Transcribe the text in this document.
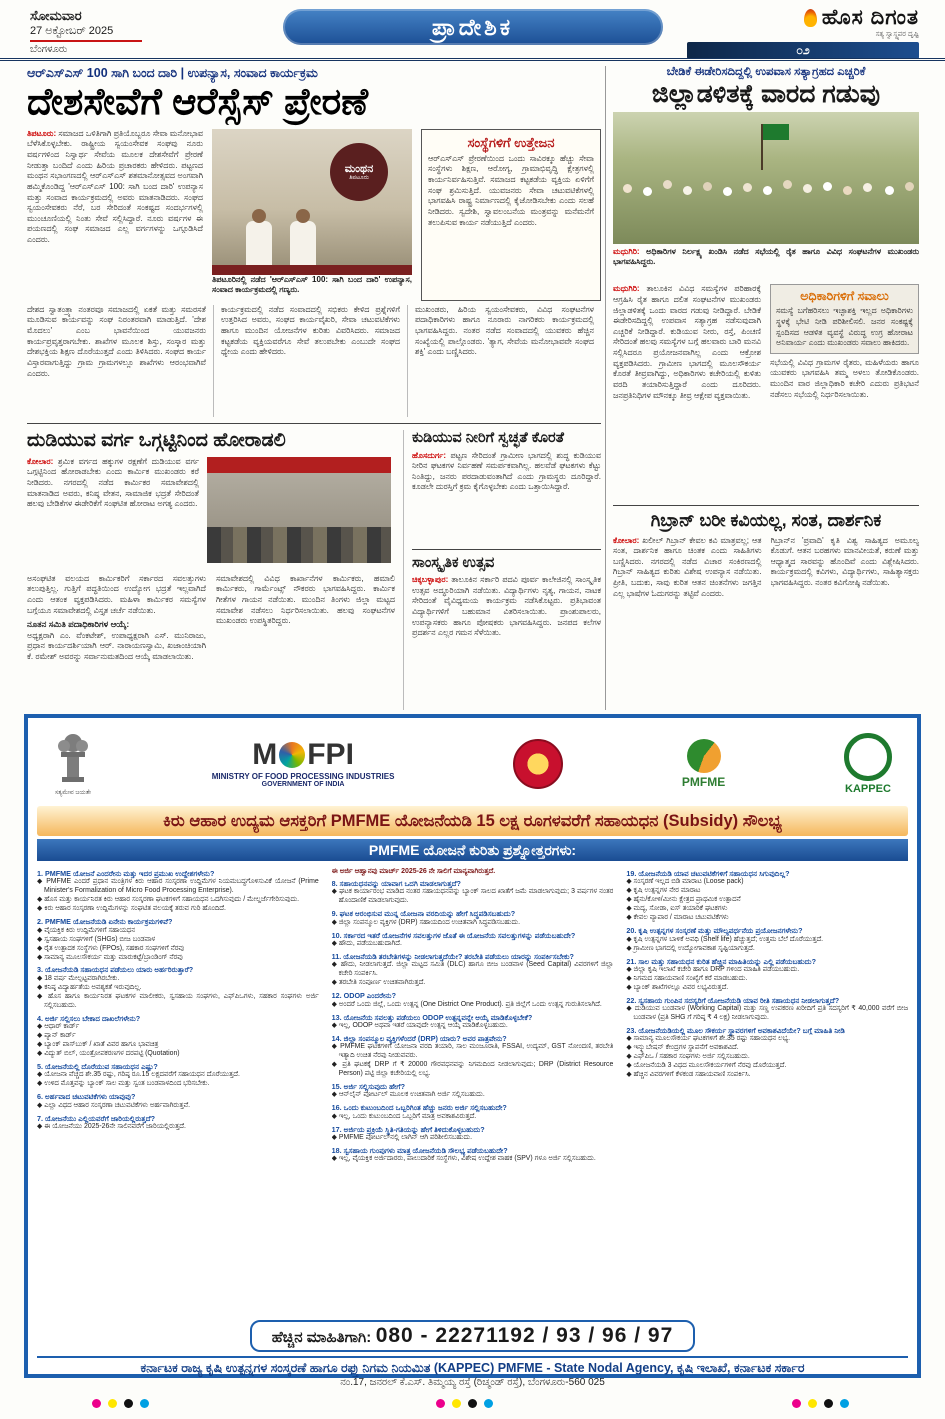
ಸೋಮವಾರ
27 ಅಕ್ಟೋಬರ್ 2025
ಬೆಂಗಳೂರು
ಪ್ರಾದೇಶಿಕ	ಹೊಸ ದಿಗಂತ
ಸತ್ಯ ಸ್ವಾಸ್ಥ್ಯಪರ ದೃಷ್ಟಿ
೦೨
ಆರ್‌ಎಸ್‌ಎಸ್ 100 ಸಾಗಿ ಬಂದ ದಾರಿ | ಉಪನ್ಯಾಸ, ಸಂವಾದ ಕಾರ್ಯಕ್ರಮ
ದೇಶಸೇವೆಗೆ ಆರೆಸ್ಸೆಸ್ ಪ್ರೇರಣೆ
ತಿಪಟೂರು: ಸಮಾಜದ ಒಳಿತಿಗಾಗಿ ಪ್ರತಿಯೊಬ್ಬರೂ ಸೇವಾ ಮನೋಭಾವ ಬೆಳೆಸಿಕೊಳ್ಳಬೇಕು. ರಾಷ್ಟ್ರೀಯ ಸ್ವಯಂಸೇವಕ ಸಂಘವು ನೂರು ವರ್ಷಗಳಿಂದ ನಿಸ್ವಾರ್ಥ ಸೇವೆಯ ಮೂಲಕ ದೇಶಸೇವೆಗೆ ಪ್ರೇರಣೆ ನೀಡುತ್ತಾ ಬಂದಿದೆ ಎಂದು ಹಿರಿಯ ಪ್ರಚಾರಕರು ಹೇಳಿದರು. ಪಟ್ಟಣದ ಮಂಥನ ಸಭಾಂಗಣದಲ್ಲಿ ಆರ್‌ಎಸ್‌ಎಸ್ ಶತಮಾನೋತ್ಸವದ ಅಂಗವಾಗಿ ಹಮ್ಮಿಕೊಂಡಿದ್ದ 'ಆರ್‌ಎಸ್‌ಎಸ್ 100: ಸಾಗಿ ಬಂದ ದಾರಿ' ಉಪನ್ಯಾಸ ಮತ್ತು ಸಂವಾದ ಕಾರ್ಯಕ್ರಮದಲ್ಲಿ ಅವರು ಮಾತನಾಡಿದರು. ಸಂಘದ ಸ್ವಯಂಸೇವಕರು ನೆರೆ, ಬರ ಸೇರಿದಂತೆ ಸಂಕಷ್ಟದ ಸಂದರ್ಭಗಳಲ್ಲಿ ಮುಂಚೂಣಿಯಲ್ಲಿ ನಿಂತು ಸೇವೆ ಸಲ್ಲಿಸಿದ್ದಾರೆ. ನೂರು ವರ್ಷಗಳ ಈ ಪಯಣದಲ್ಲಿ ಸಂಘ ಸಮಾಜದ ಎಲ್ಲ ವರ್ಗಗಳನ್ನು ಒಗ್ಗೂಡಿಸಿದೆ ಎಂದರು.
ಮಂಥನ
ತಿಪಟೂರು
ತಿಪಟೂರಿನಲ್ಲಿ ನಡೆದ 'ಆರ್‌ಎಸ್‌ಎಸ್ 100: ಸಾಗಿ ಬಂದ ದಾರಿ' ಉಪನ್ಯಾಸ, ಸಂವಾದ ಕಾರ್ಯಕ್ರಮದಲ್ಲಿ ಗಣ್ಯರು.
ಸಂಸ್ಥೆಗಳಿಗೆ ಉತ್ತೇಜನ
ಆರ್‌ಎಸ್‌ಎಸ್ ಪ್ರೇರಣೆಯಿಂದ ಒಂದು ಸಾವಿರಕ್ಕೂ ಹೆಚ್ಚು ಸೇವಾ ಸಂಸ್ಥೆಗಳು ಶಿಕ್ಷಣ, ಆರೋಗ್ಯ, ಗ್ರಾಮಾಭಿವೃದ್ಧಿ ಕ್ಷೇತ್ರಗಳಲ್ಲಿ ಕಾರ್ಯನಿರ್ವಹಿಸುತ್ತಿವೆ. ಸಮಾಜದ ಕಟ್ಟಕಡೆಯ ವ್ಯಕ್ತಿಯ ಏಳಿಗೆಗೆ ಸಂಘ ಶ್ರಮಿಸುತ್ತಿದೆ. ಯುವಜನರು ಸೇವಾ ಚಟುವಟಿಕೆಗಳಲ್ಲಿ ಭಾಗವಹಿಸಿ ರಾಷ್ಟ್ರ ನಿರ್ಮಾಣದಲ್ಲಿ ಕೈಜೋಡಿಸಬೇಕು ಎಂದು ಸಲಹೆ ನೀಡಿದರು. ಸ್ವದೇಶಿ, ಸ್ವಾವಲಂಬನೆಯ ಮಂತ್ರವನ್ನು ಮನೆಮನೆಗೆ ತಲುಪಿಸುವ ಕಾರ್ಯ ನಡೆಯುತ್ತಿದೆ ಎಂದರು.
ದೇಶದ ಸ್ವಾತಂತ್ರ್ಯಾ ನಂತರವೂ ಸಮಾಜದಲ್ಲಿ ಏಕತೆ ಮತ್ತು ಸಮರಸತೆ ಮೂಡಿಸುವ ಕಾರ್ಯವನ್ನು ಸಂಘ ನಿರಂತರವಾಗಿ ಮಾಡುತ್ತಿದೆ. 'ದೇಶ ಮೊದಲು' ಎಂಬ ಭಾವನೆಯಿಂದ ಯುವಜನರು ಕಾರ್ಯಪ್ರವೃತ್ತರಾಗಬೇಕು. ಶಾಖೆಗಳ ಮೂಲಕ ಶಿಸ್ತು, ಸಂಸ್ಕಾರ ಮತ್ತು ದೇಶಭಕ್ತಿಯ ಶಿಕ್ಷಣ ದೊರೆಯುತ್ತದೆ ಎಂದು ತಿಳಿಸಿದರು. ಸಂಘದ ಕಾರ್ಯ ವಿಸ್ತಾರವಾಗುತ್ತಿದ್ದು ಗ್ರಾಮ ಗ್ರಾಮಗಳಲ್ಲೂ ಶಾಖೆಗಳು ಆರಂಭವಾಗಿವೆ ಎಂದರು.
ಕಾರ್ಯಕ್ರಮದಲ್ಲಿ ನಡೆದ ಸಂವಾದದಲ್ಲಿ ಸಭಿಕರು ಕೇಳಿದ ಪ್ರಶ್ನೆಗಳಿಗೆ ಉತ್ತರಿಸಿದ ಅವರು, ಸಂಘದ ಕಾರ್ಯವೈಖರಿ, ಸೇವಾ ಚಟುವಟಿಕೆಗಳು ಹಾಗೂ ಮುಂದಿನ ಯೋಜನೆಗಳ ಕುರಿತು ವಿವರಿಸಿದರು. ಸಮಾಜದ ಕಟ್ಟಕಡೆಯ ವ್ಯಕ್ತಿಯವರೆಗೂ ಸೇವೆ ತಲುಪಬೇಕು ಎಂಬುದೇ ಸಂಘದ ಧ್ಯೇಯ ಎಂದು ಹೇಳಿದರು.
ಮುಖಂಡರು, ಹಿರಿಯ ಸ್ವಯಂಸೇವಕರು, ವಿವಿಧ ಸಂಘಟನೆಗಳ ಪದಾಧಿಕಾರಿಗಳು ಹಾಗೂ ನೂರಾರು ನಾಗರಿಕರು ಕಾರ್ಯಕ್ರಮದಲ್ಲಿ ಭಾಗವಹಿಸಿದ್ದರು. ನಂತರ ನಡೆದ ಸಂವಾದದಲ್ಲಿ ಯುವಕರು ಹೆಚ್ಚಿನ ಸಂಖ್ಯೆಯಲ್ಲಿ ಪಾಲ್ಗೊಂಡರು. 'ತ್ಯಾಗ, ಸೇವೆಯ ಮನೋಭಾವವೇ ಸಂಘದ ಶಕ್ತಿ' ಎಂದು ಬಣ್ಣಿಸಿದರು.
ದುಡಿಯುವ ವರ್ಗ ಒಗ್ಗಟ್ಟಿನಿಂದ ಹೋರಾಡಲಿ
ಕೋಲಾರ: ಶ್ರಮಿಕ ವರ್ಗದ ಹಕ್ಕುಗಳ ರಕ್ಷಣೆಗೆ ದುಡಿಯುವ ವರ್ಗ ಒಗ್ಗಟ್ಟಿನಿಂದ ಹೋರಾಡಬೇಕು ಎಂದು ಕಾರ್ಮಿಕ ಮುಖಂಡರು ಕರೆ ನೀಡಿದರು. ನಗರದಲ್ಲಿ ನಡೆದ ಕಾರ್ಮಿಕರ ಸಮಾವೇಶದಲ್ಲಿ ಮಾತನಾಡಿದ ಅವರು, ಕನಿಷ್ಠ ವೇತನ, ಸಾಮಾಜಿಕ ಭದ್ರತೆ ಸೇರಿದಂತೆ ಹಲವು ಬೇಡಿಕೆಗಳ ಈಡೇರಿಕೆಗೆ ಸಂಘಟಿತ ಹೋರಾಟ ಅಗತ್ಯ ಎಂದರು.
ಅಸಂಘಟಿತ ವಲಯದ ಕಾರ್ಮಿಕರಿಗೆ ಸರ್ಕಾರದ ಸವಲತ್ತುಗಳು ತಲುಪುತ್ತಿಲ್ಲ. ಗುತ್ತಿಗೆ ಪದ್ಧತಿಯಿಂದ ಉದ್ಯೋಗ ಭದ್ರತೆ ಇಲ್ಲವಾಗಿದೆ ಎಂದು ಆತಂಕ ವ್ಯಕ್ತಪಡಿಸಿದರು. ಮಹಿಳಾ ಕಾರ್ಮಿಕರ ಸಮಸ್ಯೆಗಳ ಬಗ್ಗೆಯೂ ಸಮಾವೇಶದಲ್ಲಿ ವಿಸ್ತೃತ ಚರ್ಚೆ ನಡೆಯಿತು.
ನೂತನ ಸಮಿತಿ ಪದಾಧಿಕಾರಿಗಳ ಆಯ್ಕೆ:
ಅಧ್ಯಕ್ಷರಾಗಿ ಎಂ. ವೆಂಕಟೇಶ್, ಉಪಾಧ್ಯಕ್ಷರಾಗಿ ಎಸ್. ಮುನಿರಾಜು, ಪ್ರಧಾನ ಕಾರ್ಯದರ್ಶಿಯಾಗಿ ಆರ್. ನಾರಾಯಣಸ್ವಾಮಿ, ಖಜಾಂಚಿಯಾಗಿ ಕೆ. ರಮೇಶ್ ಅವರನ್ನು ಸರ್ವಾನುಮತದಿಂದ ಆಯ್ಕೆ ಮಾಡಲಾಯಿತು.
ಸಮಾವೇಶದಲ್ಲಿ ವಿವಿಧ ಕಾರ್ಖಾನೆಗಳ ಕಾರ್ಮಿಕರು, ಹಮಾಲಿ ಕಾರ್ಮಿಕರು, ಗಾರ್ಮೆಂಟ್ಸ್ ನೌಕರರು ಭಾಗವಹಿಸಿದ್ದರು. ಕಾರ್ಮಿಕ ಗೀತೆಗಳ ಗಾಯನ ನಡೆಯಿತು. ಮುಂದಿನ ತಿಂಗಳು ಜಿಲ್ಲಾ ಮಟ್ಟದ ಸಮಾವೇಶ ನಡೆಸಲು ನಿರ್ಧರಿಸಲಾಯಿತು. ಹಲವು ಸಂಘಟನೆಗಳ ಮುಖಂಡರು ಉಪಸ್ಥಿತರಿದ್ದರು.
ಕುಡಿಯುವ ನೀರಿಗೆ ಸ್ವಚ್ಛತೆ ಕೊರತೆ
ಹೊಸದುರ್ಗ: ಪಟ್ಟಣ ಸೇರಿದಂತೆ ಗ್ರಾಮೀಣ ಭಾಗದಲ್ಲಿ ಶುದ್ಧ ಕುಡಿಯುವ ನೀರಿನ ಘಟಕಗಳ ನಿರ್ವಹಣೆ ಸಮರ್ಪಕವಾಗಿಲ್ಲ. ಹಲವೆಡೆ ಘಟಕಗಳು ಕೆಟ್ಟು ನಿಂತಿದ್ದು, ಜನರು ಪರದಾಡುವಂತಾಗಿದೆ ಎಂದು ಗ್ರಾಮಸ್ಥರು ದೂರಿದ್ದಾರೆ. ಕೂಡಲೇ ದುರಸ್ತಿಗೆ ಕ್ರಮ ಕೈಗೊಳ್ಳಬೇಕು ಎಂದು ಒತ್ತಾಯಿಸಿದ್ದಾರೆ.
ಸಾಂಸ್ಕೃತಿಕ ಉತ್ಸವ
ಚಿಕ್ಕಬಳ್ಳಾಪುರ: ತಾಲೂಕಿನ ಸರ್ಕಾರಿ ಪದವಿ ಪೂರ್ವ ಕಾಲೇಜಿನಲ್ಲಿ ಸಾಂಸ್ಕೃತಿಕ ಉತ್ಸವ ಅದ್ಧೂರಿಯಾಗಿ ನಡೆಯಿತು. ವಿದ್ಯಾರ್ಥಿಗಳು ನೃತ್ಯ, ಗಾಯನ, ನಾಟಕ ಸೇರಿದಂತೆ ವೈವಿಧ್ಯಮಯ ಕಾರ್ಯಕ್ರಮ ನಡೆಸಿಕೊಟ್ಟರು. ಪ್ರತಿಭಾವಂತ ವಿದ್ಯಾರ್ಥಿಗಳಿಗೆ ಬಹುಮಾನ ವಿತರಿಸಲಾಯಿತು. ಪ್ರಾಂಶುಪಾಲರು, ಉಪನ್ಯಾಸಕರು ಹಾಗೂ ಪೋಷಕರು ಭಾಗವಹಿಸಿದ್ದರು. ಜನಪದ ಕಲೆಗಳ ಪ್ರದರ್ಶನ ಎಲ್ಲರ ಗಮನ ಸೆಳೆಯಿತು.
ಬೇಡಿಕೆ ಈಡೇರಿಸದಿದ್ದಲ್ಲಿ ಉಪವಾಸ ಸತ್ಯಾಗ್ರಹದ ಎಚ್ಚರಿಕೆ
ಜಿಲ್ಲಾಡಳಿತಕ್ಕೆ ವಾರದ ಗಡುವು
ಮಧುಗಿರಿ: ಅಧಿಕಾರಿಗಳ ನಿರ್ಲಕ್ಷ್ಯ ಖಂಡಿಸಿ ನಡೆದ ಸಭೆಯಲ್ಲಿ ರೈತ ಹಾಗೂ ವಿವಿಧ ಸಂಘಟನೆಗಳ ಮುಖಂಡರು ಭಾಗವಹಿಸಿದ್ದರು.
ಮಧುಗಿರಿ: ತಾಲೂಕಿನ ವಿವಿಧ ಸಮಸ್ಯೆಗಳ ಪರಿಹಾರಕ್ಕೆ ಆಗ್ರಹಿಸಿ ರೈತ ಹಾಗೂ ದಲಿತ ಸಂಘಟನೆಗಳ ಮುಖಂಡರು ಜಿಲ್ಲಾಡಳಿತಕ್ಕೆ ಒಂದು ವಾರದ ಗಡುವು ನೀಡಿದ್ದಾರೆ. ಬೇಡಿಕೆ ಈಡೇರಿಸದಿದ್ದಲ್ಲಿ ಉಪವಾಸ ಸತ್ಯಾಗ್ರಹ ನಡೆಸುವುದಾಗಿ ಎಚ್ಚರಿಕೆ ನೀಡಿದ್ದಾರೆ. ಕುಡಿಯುವ ನೀರು, ರಸ್ತೆ, ಪಿಂಚಣಿ ಸೇರಿದಂತೆ ಹಲವು ಸಮಸ್ಯೆಗಳ ಬಗ್ಗೆ ಹಲವಾರು ಬಾರಿ ಮನವಿ ಸಲ್ಲಿಸಿದರೂ ಪ್ರಯೋಜನವಾಗಿಲ್ಲ ಎಂದು ಆಕ್ರೋಶ ವ್ಯಕ್ತಪಡಿಸಿದರು. ಗ್ರಾಮೀಣ ಭಾಗದಲ್ಲಿ ಮೂಲಸೌಕರ್ಯ ಕೊರತೆ ತೀವ್ರವಾಗಿದ್ದು, ಅಧಿಕಾರಿಗಳು ಕಚೇರಿಯಲ್ಲಿ ಕುಳಿತು ವರದಿ ತಯಾರಿಸುತ್ತಿದ್ದಾರೆ ಎಂದು ದೂರಿದರು. ಜನಪ್ರತಿನಿಧಿಗಳ ಮೌನಕ್ಕೂ ತೀವ್ರ ಆಕ್ಷೇಪ ವ್ಯಕ್ತವಾಯಿತು.
ಅಧಿಕಾರಿಗಳಿಗೆ ಸವಾಲು
ಸಮಸ್ಯೆ ಬಗೆಹರಿಸಲು ಇಚ್ಛಾಶಕ್ತಿ ಇಲ್ಲದ ಅಧಿಕಾರಿಗಳು ಸ್ಥಳಕ್ಕೆ ಭೇಟಿ ನೀಡಿ ಪರಿಶೀಲಿಸಲಿ. ಜನರ ಸಂಕಷ್ಟಕ್ಕೆ ಸ್ಪಂದಿಸದ ಆಡಳಿತ ವ್ಯವಸ್ಥೆ ವಿರುದ್ಧ ಉಗ್ರ ಹೋರಾಟ ಅನಿವಾರ್ಯ ಎಂದು ಮುಖಂಡರು ಸವಾಲು ಹಾಕಿದರು.
ಸಭೆಯಲ್ಲಿ ವಿವಿಧ ಗ್ರಾಮಗಳ ರೈತರು, ಮಹಿಳೆಯರು ಹಾಗೂ ಯುವಕರು ಭಾಗವಹಿಸಿ ತಮ್ಮ ಅಳಲು ತೋಡಿಕೊಂಡರು. ಮುಂದಿನ ವಾರ ಜಿಲ್ಲಾಧಿಕಾರಿ ಕಚೇರಿ ಎದುರು ಪ್ರತಿಭಟನೆ ನಡೆಸಲು ಸಭೆಯಲ್ಲಿ ನಿರ್ಧರಿಸಲಾಯಿತು.
ಗಿಬ್ರಾನ್ ಬರೀ ಕವಿಯಲ್ಲ, ಸಂತ, ದಾರ್ಶನಿಕ
ಕೋಲಾರ: ಖಲೀಲ್ ಗಿಬ್ರಾನ್ ಕೇವಲ ಕವಿ ಮಾತ್ರವಲ್ಲ; ಆತ ಸಂತ, ದಾರ್ಶನಿಕ ಹಾಗೂ ಚಿಂತಕ ಎಂದು ಸಾಹಿತಿಗಳು ಬಣ್ಣಿಸಿದರು. ನಗರದಲ್ಲಿ ನಡೆದ ವಿಚಾರ ಸಂಕಿರಣದಲ್ಲಿ ಗಿಬ್ರಾನ್ ಸಾಹಿತ್ಯದ ಕುರಿತು ವಿಶೇಷ ಉಪನ್ಯಾಸ ನಡೆಯಿತು. ಪ್ರೀತಿ, ಬದುಕು, ಸಾವು ಕುರಿತ ಆತನ ಚಿಂತನೆಗಳು ಜಗತ್ತಿನ ಎಲ್ಲ ಭಾಷೆಗಳ ಓದುಗರನ್ನು ತಟ್ಟಿವೆ ಎಂದರು.
ಗಿಬ್ರಾನ್‌ನ 'ಪ್ರವಾದಿ' ಕೃತಿ ವಿಶ್ವ ಸಾಹಿತ್ಯದ ಅಮೂಲ್ಯ ಕೊಡುಗೆ. ಆತನ ಬರಹಗಳು ಮಾನವೀಯತೆ, ಕರುಣೆ ಮತ್ತು ಆಧ್ಯಾತ್ಮದ ಸಾರವನ್ನು ಹೊಂದಿವೆ ಎಂದು ವಿಶ್ಲೇಷಿಸಿದರು. ಕಾರ್ಯಕ್ರಮದಲ್ಲಿ ಕವಿಗಳು, ವಿದ್ಯಾರ್ಥಿಗಳು, ಸಾಹಿತ್ಯಾಸಕ್ತರು ಭಾಗವಹಿಸಿದ್ದರು. ನಂತರ ಕವಿಗೋಷ್ಠಿ ನಡೆಯಿತು.
ಸತ್ಯಮೇವ ಜಯತೇ
M FPI
MINISTRY OF FOOD PROCESSING INDUSTRIES
GOVERNMENT OF INDIA	PMFME	KAPPEC
ಕಿರು ಆಹಾರ ಉದ್ಯಮ ಆಸಕ್ತರಿಗೆ PMFME ಯೋಜನೆಯಡಿ 15 ಲಕ್ಷ ರೂಗಳವರೆಗೆ ಸಹಾಯಧನ (Subsidy) ಸೌಲಭ್ಯ
PMFME ಯೋಜನೆ ಕುರಿತು ಪ್ರಶ್ನೋತ್ತರಗಳು:
1. PMFME ಯೋಜನೆ ಎಂದರೇನು ಮತ್ತು ಇದರ ಪ್ರಮುಖ ಉದ್ದೇಶಗಳೇನು?
◆ PMFME ಎಂದರೆ ಪ್ರಧಾನ ಮಂತ್ರಿಗಳ ಕಿರು ಆಹಾರ ಸಂಸ್ಕರಣಾ ಉದ್ದಿಮೆಗಳ ನಿಯಮಬದ್ಧಗೊಳಿಸುವಿಕೆ ಯೋಜನೆ (Prime Minister's Formalization of Micro Food Processing Enterprise).
◆ ಹೊಸ ಮತ್ತು ಕಾರ್ಯನಿರತ ಕಿರು ಆಹಾರ ಸಂಸ್ಕರಣಾ ಘಟಕಗಳಿಗೆ ಸಹಾಯಧನ ಒದಗಿಸುವುದು / ಮೇಲ್ದರ್ಜೆಗೇರಿಸುವುದು.
◆ ಕಿರು ಆಹಾರ ಸಂಸ್ಕರಣಾ ಉದ್ದಿಮೆಗಳನ್ನು ಸಂಘಟಿತ ವಲಯಕ್ಕೆ ತರುವ ಗುರಿ ಹೊಂದಿದೆ.
2. PMFME ಯೋಜನೆಯಡಿ ಏನೇನು ಕಾರ್ಯಕ್ರಮಗಳಿವೆ?
◆ ವೈಯಕ್ತಿಕ ಕಿರು ಉದ್ದಿಮೆಗಳಿಗೆ ಸಹಾಯಧನ
◆ ಸ್ವಸಹಾಯ ಸಂಘಗಳಿಗೆ (SHGs) ಬೀಜ ಬಂಡವಾಳ
◆ ರೈತ ಉತ್ಪಾದಕ ಸಂಸ್ಥೆಗಳು (FPOs), ಸಹಕಾರ ಸಂಘಗಳಿಗೆ ನೆರವು
◆ ಸಾಮಾನ್ಯ ಮೂಲಸೌಕರ್ಯ ಮತ್ತು ಮಾರುಕಟ್ಟೆ/ಬ್ರಾಂಡಿಂಗ್ ನೆರವು
3. ಯೋಜನೆಯಡಿ ಸಹಾಯಧನ ಪಡೆಯಲು ಯಾರು ಅರ್ಹರಿರುತ್ತಾರೆ?
◆ 18 ವರ್ಷ ಮೇಲ್ಪಟ್ಟವರಾಗಿರಬೇಕು.
◆ ಕನಿಷ್ಠ ವಿದ್ಯಾರ್ಹತೆಯ ಅವಶ್ಯಕತೆ ಇರುವುದಿಲ್ಲ.
◆ ಹೊಸ ಹಾಗೂ ಕಾರ್ಯನಿರತ ಘಟಕಗಳ ಮಾಲೀಕರು, ಸ್ವಸಹಾಯ ಸಂಘಗಳು, ಎಫ್‌ಪಿಒಗಳು, ಸಹಕಾರ ಸಂಘಗಳು ಅರ್ಜಿ ಸಲ್ಲಿಸಬಹುದು.
4. ಅರ್ಜಿ ಸಲ್ಲಿಸಲು ಬೇಕಾದ ದಾಖಲೆಗಳೇನು?
◆ ಆಧಾರ್ ಕಾರ್ಡ್
◆ ಪ್ಯಾನ್ ಕಾರ್ಡ್
◆ ಬ್ಯಾಂಕ್ ಪಾಸ್‌ಬುಕ್ / ಖಾತೆ ವಿವರ ಹಾಗೂ ಭಾವಚಿತ್ರ
◆ ವಿದ್ಯುತ್ ಬಿಲ್, ಯಂತ್ರೋಪಕರಣಗಳ ದರಪಟ್ಟಿ (Quotation)
5. ಯೋಜನೆಯಲ್ಲಿ ದೊರೆಯುವ ಸಹಾಯಧನ ಎಷ್ಟು?
◆ ಯೋಜನಾ ವೆಚ್ಚದ ಶೇ.35 ರಷ್ಟು, ಗರಿಷ್ಠ ರೂ.15 ಲಕ್ಷದವರೆಗೆ ಸಹಾಯಧನ ದೊರೆಯುತ್ತದೆ.
◆ ಉಳಿದ ಮೊತ್ತವನ್ನು ಬ್ಯಾಂಕ್ ಸಾಲ ಮತ್ತು ಸ್ವಂತ ಬಂಡವಾಳದಿಂದ ಭರಿಸಬೇಕು.
6. ಅರ್ಹವಾದ ಚಟುವಟಿಕೆಗಳು ಯಾವುವು?
◆ ಎಲ್ಲಾ ವಿಧದ ಆಹಾರ ಸಂಸ್ಕರಣಾ ಚಟುವಟಿಕೆಗಳು ಅರ್ಹವಾಗಿರುತ್ತವೆ.
7. ಯೋಜನೆಯು ಎಲ್ಲಿಯವರೆಗೆ ಜಾರಿಯಲ್ಲಿರುತ್ತದೆ?
◆ ಈ ಯೋಜನೆಯು 2025-26ನೇ ಸಾಲಿನವರೆಗೆ ಜಾರಿಯಲ್ಲಿರುತ್ತದೆ.
ಈ ಅರ್ಜಿ ಆಹ್ವಾನವು ಮಾರ್ಚ್ 2025-26 ನೇ ಸಾಲಿಗೆ ಮಾನ್ಯವಾಗಿರುತ್ತದೆ.
8. ಸಹಾಯಧನವನ್ನು ಯಾವಾಗ ಒದಗಿ ಮಾಡಲಾಗುತ್ತದೆ?
◆ ಘಟಕ ಕಾರ್ಯಾರಂಭ ಮಾಡಿದ ನಂತರ ಸಹಾಯಧನವನ್ನು ಬ್ಯಾಂಕ್ ಸಾಲದ ಖಾತೆಗೆ ಜಮೆ ಮಾಡಲಾಗುವುದು; 3 ವರ್ಷಗಳ ನಂತರ ಹೊಂದಾಣಿಕೆ ಮಾಡಲಾಗುವುದು.
9. ಘಟಕ ಆರಂಭಿಸುವ ಮುನ್ನ ಯೋಜನಾ ವರದಿಯನ್ನು ಹೇಗೆ ಸಿದ್ಧಪಡಿಸಬಹುದು?
◆ ಜಿಲ್ಲಾ ಸಂಪನ್ಮೂಲ ವ್ಯಕ್ತಿಗಳ (DRP) ಸಹಾಯದಿಂದ ಉಚಿತವಾಗಿ ಸಿದ್ಧಪಡಿಸಬಹುದು.
10. ಸರ್ಕಾರದ ಇತರೆ ಯೋಜನೆಗಳ ಸವಲತ್ತುಗಳ ಜೊತೆ ಈ ಯೋಜನೆಯ ಸವಲತ್ತುಗಳನ್ನು ಪಡೆಯಬಹುದೇ?
◆ ಹೌದು, ಪಡೆಯಬಹುದಾಗಿದೆ.
11. ಯೋಜನೆಯಡಿ ತರಬೇತಿಗಳನ್ನು ನೀಡಲಾಗುತ್ತದೆಯೇ? ತರಬೇತಿ ಪಡೆಯಲು ಯಾರನ್ನು ಸಂಪರ್ಕಿಸಬೇಕು?
◆ ಹೌದು, ನೀಡಲಾಗುತ್ತದೆ. ಜಿಲ್ಲಾ ಮಟ್ಟದ ಸಮಿತಿ (DLC) ಹಾಗೂ ಬೀಜ ಬಂಡವಾಳ (Seed Capital) ವಿವರಗಳಿಗೆ ಜಿಲ್ಲಾ ಕಚೇರಿ ಸಂಪರ್ಕಿಸಿ.
◆ ತರಬೇತಿ ಸಂಪೂರ್ಣ ಉಚಿತವಾಗಿರುತ್ತದೆ.
12. ODOP ಎಂದರೇನು?
◆ ಅಂದರೆ ಒಂದು ಜಿಲ್ಲೆ, ಒಂದು ಉತ್ಪನ್ನ (One District One Product). ಪ್ರತಿ ಜಿಲ್ಲೆಗೆ ಒಂದು ಉತ್ಪನ್ನ ಗುರುತಿಸಲಾಗಿದೆ.
13. ಯೋಜನೆಯ ಸವಲತ್ತು ಪಡೆಯಲು ODOP ಉತ್ಪನ್ನವನ್ನೇ ಆಯ್ಕೆ ಮಾಡಿಕೊಳ್ಳಬೇಕೆ?
◆ ಇಲ್ಲ, ODOP ಅಥವಾ ಇತರೆ ಯಾವುದೇ ಉತ್ಪನ್ನ ಆಯ್ಕೆ ಮಾಡಿಕೊಳ್ಳಬಹುದು.
14. ಜಿಲ್ಲಾ ಸಂಪನ್ಮೂಲ ವ್ಯಕ್ತಿಗಳೆಂದರೆ (DRP) ಯಾರು? ಅವರ ಪಾತ್ರವೇನು?
◆ PMFME ಘಟಕಗಳಿಗೆ ಯೋಜನಾ ವರದಿ ತಯಾರಿ, ಸಾಲ ಮಂಜೂರಾತಿ, FSSAI, ಉದ್ಯಮ್, GST ನೋಂದಣಿ, ತರಬೇತಿ ಇತ್ಯಾದಿ ಉಚಿತ ನೆರವು ನೀಡುವವರು.
◆ ಪ್ರತಿ ಘಟಕಕ್ಕೆ DRP ಗೆ ₹ 20000 ಗೌರವಧನವನ್ನು ನಿಗಮದಿಂದ ನೀಡಲಾಗುವುದು; DRP (District Resource Person) ಪಟ್ಟಿ ಜಿಲ್ಲಾ ಕಚೇರಿಯಲ್ಲಿ ಲಭ್ಯ.
15. ಅರ್ಜಿ ಸಲ್ಲಿಸುವುದು ಹೇಗೆ?
◆ ಆನ್‌ಲೈನ್ ಪೋರ್ಟಲ್ ಮೂಲಕ ಉಚಿತವಾಗಿ ಅರ್ಜಿ ಸಲ್ಲಿಸಬಹುದು.
16. ಒಂದು ಕುಟುಂಬದಿಂದ ಒಬ್ಬರಿಗಿಂತ ಹೆಚ್ಚು ಜನರು ಅರ್ಜಿ ಸಲ್ಲಿಸಬಹುದೇ?
◆ ಇಲ್ಲ, ಒಂದು ಕುಟುಂಬದಿಂದ ಒಬ್ಬರಿಗೆ ಮಾತ್ರ ಅವಕಾಶವಿರುತ್ತದೆ.
17. ಅರ್ಜಿಯ ಪ್ರಕ್ರಿಯೆ ಸ್ಥಿತಿ-ಗತಿಯನ್ನು ಹೇಗೆ ತಿಳಿದುಕೊಳ್ಳಬಹುದು?
◆ PMFME ಪೋರ್ಟಲ್‌ನಲ್ಲಿ ಲಾಗಿನ್ ಆಗಿ ಪರಿಶೀಲಿಸಬಹುದು.
18. ಸ್ವಸಹಾಯ ಗುಂಪುಗಳು ಮಾತ್ರ ಯೋಜನೆಯಡಿ ಸೌಲಭ್ಯ ಪಡೆಯಬಹುದೇ?
◆ ಇಲ್ಲ, ವೈಯಕ್ತಿಕ ಅರ್ಜಿದಾರರು, ಪಾಲುದಾರಿಕೆ ಸಂಸ್ಥೆಗಳು, ವಿಶೇಷ ಉದ್ದೇಶ ವಾಹಕ (SPV) ಗಳೂ ಅರ್ಜಿ ಸಲ್ಲಿಸಬಹುದು.
19. ಯೋಜನೆಯಡಿ ಯಾವ ಚಟುವಟಿಕೆಗಳಿಗೆ ಸಹಾಯಧನ ಸಿಗುವುದಿಲ್ಲ?
◆ ಸಂಸ್ಕರಣೆ ಇಲ್ಲದ ಬಿಡಿ ಮಾರಾಟ (Loose pack)
◆ ಕೃಷಿ ಉತ್ಪನ್ನಗಳ ನೇರ ಮಾರಾಟ
◆ ಹೈನು/ಕೋಳಿ/ಮೀನು ಕ್ಷೇತ್ರದ ಪ್ರಾಥಮಿಕ ಉತ್ಪಾದನೆ
◆ ಮದ್ಯ, ಸೋಡಾ, ಐಸ್ ತಯಾರಿಕೆ ಘಟಕಗಳು
◆ ಕೇವಲ ವ್ಯಾಪಾರ / ಮಾರಾಟ ಚಟುವಟಿಕೆಗಳು
20. ಕೃಷಿ ಉತ್ಪನ್ನಗಳ ಸಂಸ್ಕರಣೆ ಮತ್ತು ಮೌಲ್ಯವರ್ಧನೆಯ ಪ್ರಯೋಜನಗಳೇನು?
◆ ಕೃಷಿ ಉತ್ಪನ್ನಗಳ ಬಾಳಿಕೆ ಅವಧಿ (Shelf life) ಹೆಚ್ಚುತ್ತದೆ; ಉತ್ತಮ ಬೆಲೆ ದೊರೆಯುತ್ತದೆ.
◆ ಗ್ರಾಮೀಣ ಭಾಗದಲ್ಲಿ ಉದ್ಯೋಗಾವಕಾಶ ಸೃಷ್ಟಿಯಾಗುತ್ತದೆ.
21. ಸಾಲ ಮತ್ತು ಸಹಾಯಧನ ಕುರಿತ ಹೆಚ್ಚಿನ ಮಾಹಿತಿಯನ್ನು ಎಲ್ಲಿ ಪಡೆಯಬಹುದು?
◆ ಜಿಲ್ಲಾ ಕೃಷಿ ಇಲಾಖೆ ಕಚೇರಿ ಹಾಗೂ DRP ಗಳಿಂದ ಮಾಹಿತಿ ಪಡೆಯಬಹುದು.
◆ ನಿಗಮದ ಸಹಾಯವಾಣಿ ಸಂಖ್ಯೆಗೆ ಕರೆ ಮಾಡಬಹುದು.
◆ ಬ್ಯಾಂಕ್ ಶಾಖೆಗಳಲ್ಲೂ ವಿವರ ಲಭ್ಯವಿರುತ್ತದೆ.
22. ಸ್ವಸಹಾಯ ಗುಂಪಿನ ಸದಸ್ಯರಿಗೆ ಯೋಜನೆಯಡಿ ಯಾವ ರೀತಿ ಸಹಾಯಧನ ನೀಡಲಾಗುತ್ತದೆ?
◆ ದುಡಿಯುವ ಬಂಡವಾಳ (Working Capital) ಮತ್ತು ಸಣ್ಣ ಉಪಕರಣ ಖರೀದಿಗೆ ಪ್ರತಿ ಸದಸ್ಯರಿಗೆ ₹ 40,000 ವರೆಗೆ ಬೀಜ ಬಂಡವಾಳ (ಪ್ರತಿ SHG ಗೆ ಗರಿಷ್ಠ ₹ 4 ಲಕ್ಷ) ನೀಡಲಾಗುವುದು.
23. ಯೋಜನೆಯಡಿಯಲ್ಲಿ ಮೂಲ ಸೌಕರ್ಯ ಸ್ಥಾವರಗಳಿಗೆ ಅವಕಾಶವಿದೆಯೇ? ಬಗ್ಗೆ ಮಾಹಿತಿ ನೀಡಿ
◆ ಸಾಮಾನ್ಯ ಮೂಲಸೌಕರ್ಯ ಘಟಕಗಳಿಗೆ ಶೇ.35 ರಷ್ಟು ಸಹಾಯಧನ ಲಭ್ಯ.
◆ ಇನ್ಕ್ಯುಬೇಷನ್ ಕೇಂದ್ರಗಳ ಸ್ಥಾಪನೆಗೆ ಅವಕಾಶವಿದೆ.
◆ ಎಫ್‌ಪಿಒ / ಸಹಕಾರ ಸಂಘಗಳು ಅರ್ಜಿ ಸಲ್ಲಿಸಬಹುದು.
◆ ಯೋಜನೆಯಡಿ 3 ವಿಧದ ಮೂಲಸೌಕರ್ಯಗಳಿಗೆ ನೆರವು ದೊರೆಯುತ್ತದೆ.
◆ ಹೆಚ್ಚಿನ ವಿವರಗಳಿಗೆ ಕೆಳಕಂಡ ಸಹಾಯವಾಣಿ ಸಂಪರ್ಕಿಸಿ.
ಹೆಚ್ಚಿನ ಮಾಹಿತಿಗಾಗಿ: 080 - 22271192 / 93 / 96 / 97
ಕರ್ನಾಟಕ ರಾಜ್ಯ ಕೃಷಿ ಉತ್ಪನ್ನಗಳ ಸಂಸ್ಕರಣೆ ಹಾಗೂ ರಫ್ತು ನಿಗಮ ನಿಯಮಿತ (KAPPEC) PMFME - State Nodal Agency, ಕೃಷಿ ಇಲಾಖೆ, ಕರ್ನಾಟಕ ಸರ್ಕಾರ
ನಂ.17, ಜನರಲ್ ಕೆ.ಎಸ್. ತಿಮ್ಮಯ್ಯ ರಸ್ತೆ (ರಿಚ್ಮಂಡ್ ರಸ್ತೆ), ಬೆಂಗಳೂರು-560 025
